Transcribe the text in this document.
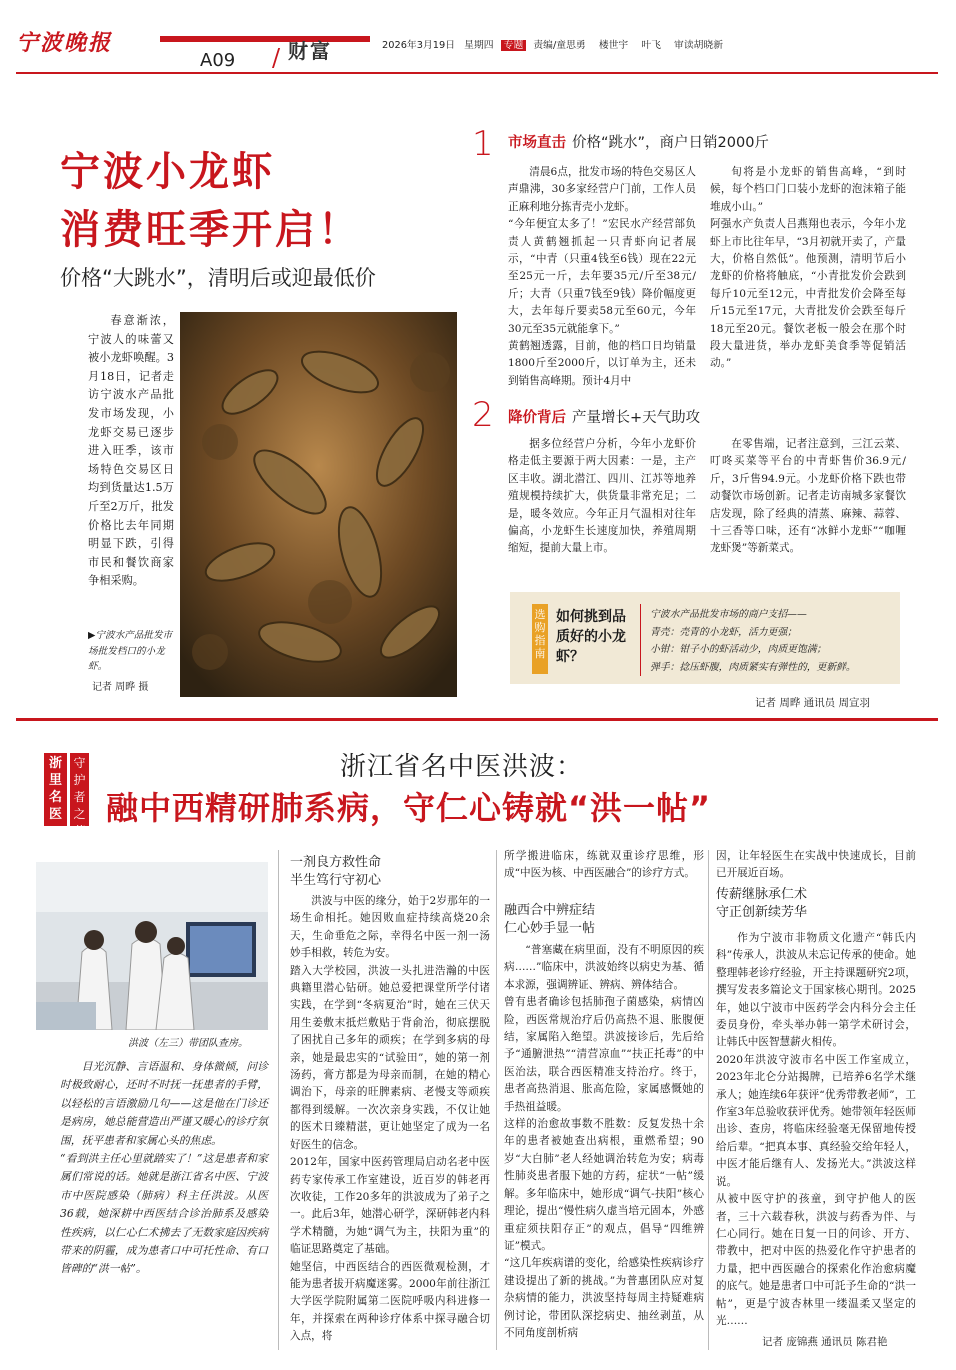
宁波晚报
A09 / 财富	2026年3月19日 星期四 专题 责编/童思勇 楼世宇 叶飞 审读胡晓新
宁波小龙虾
消费旺季开启！
价格“大跳水”，清明后或迎最低价
春意渐浓，宁波人的味蕾又被小龙虾唤醒。3月18日，记者走访宁波水产品批发市场发现，小龙虾交易已逐步进入旺季，该市场特色交易区日均到货量达1.5万斤至2万斤，批发价格比去年同期明显下跌，引得市民和餐饮商家争相采购。
▶宁波水产品批发市场批发档口的小龙虾。
记者 周晔 摄
1 市场直击 价格“跳水”，商户日销2000斤
清晨6点，批发市场的特色交易区人声鼎沸，30多家经营户门前，工作人员正麻利地分拣青壳小龙虾。
“今年便宜太多了！”宏民水产经营部负责人黄鹤翘抓起一只青虾向记者展示，“中青（只重4钱至6钱）现在22元至25元一斤，去年要35元/斤至38元/斤；大青（只重7钱至9钱）降价幅度更大，去年每斤要卖58元至60元，今年30元至35元就能拿下。”
黄鹤翘透露，目前，他的档口日均销量1800斤至2000斤，以订单为主，还未到销售高峰期。预计4月中
旬将是小龙虾的销售高峰，“到时候，每个档口门口装小龙虾的泡沫箱子能堆成小山。”
阿强水产负责人吕燕翔也表示，今年小龙虾上市比往年早，“3月初就开卖了，产量大，价格自然低”。他预测，清明节后小龙虾的价格将触底，“小青批发价会跌到每斤10元至12元，中青批发价会降至每斤15元至17元，大青批发价会跌至每斤18元至20元。餐饮老板一般会在那个时段大量进货，举办龙虾美食季等促销活动。”
2 降价背后 产量增长+天气助攻
据多位经营户分析，今年小龙虾价格走低主要源于两大因素：一是，主产区丰收。湖北潜江、四川、江苏等地养殖规模持续扩大，供货量非常充足；二是，暖冬效应。今年正月气温相对往年偏高，小龙虾生长速度加快，养殖周期缩短，提前大量上市。
在零售端，记者注意到，三江云菜、叮咚买菜等平台的中青虾售价36.9元/斤，3斤售94.9元。小龙虾价格下跌也带动餐饮市场创新。记者走访南城多家餐饮店发现，除了经典的清蒸、麻辣、蒜蓉、十三香等口味，还有“冰鲜小龙虾”“咖喱龙虾煲”等新菜式。
选购指南
如何挑到品质好的小龙虾？
宁波水产品批发市场的商户支招——
青壳：壳青的小龙虾，活力更强；
小钳：钳子小的虾活动少，肉质更饱满；
弹手：捻压虾腹，肉质紧实有弹性的，更新鲜。
记者 周晔 通讯员 周宣羽
浙里名医
守护者之薪
浙江省名中医洪波：
融中西精研肺系病，守仁心铸就“洪一帖”
洪波（左三）带团队查房。
目光沉静、言语温和、身体微倾，问诊时极致耐心，还时不时抚一抚患者的手臂，以轻松的言语激励几句——这是他在门诊还是病房，她总能营造出严谨又暖心的诊疗氛围，抚平患者和家属心头的焦虑。
“看到洪主任心里就踏实了！”这是患者和家属们常说的话。她就是浙江省名中医、宁波市中医院感染（肺病）科主任洪波。从医36载，她深耕中西医结合诊治肺系及感染性疾病，以仁心仁术拂去了无数家庭因疾病带来的阴霾，成为患者口中可托性命、有口皆碑的“洪一帖”。
一剂良方救性命
半生笃行守初心
洪波与中医的缘分，始于2岁那年的一场生命相托。她因败血症持续高烧20余天，生命垂危之际，幸得名中医一剂一汤妙手相救，转危为安。
踏入大学校园，洪波一头扎进浩瀚的中医典籍里潜心钻研。她总爱把课堂所学付诸实践，在学到“冬病夏治”时，她在三伏天用生姜敷末抵烂敷贴于背俞治，彻底摆脱了困扰自己多年的顽疾；在学到多病的母亲，她是最忠实的“试验田”，她的第一剂汤药，膏方都是为母亲而制，在她的精心调治下，母亲的旺脾素病、老慢支等顽疾都得到缓解。一次次亲身实践，不仅让她的医术日臻精湛，更让她坚定了成为一名好医生的信念。
2012年，国家中医药管理局启动名老中医药专家传承工作室建设，近百岁的韩老再次收徒，工作20多年的洪波成为了弟子之一。此后3年，她潜心研学，深研韩老内科学术精髓，为她“调气为主，扶阳为重”的临证思路奠定了基础。
她坚信，中西医结合的西医微观检测，才能为患者拔开病魔迷雾。2000年前往浙江大学医学院附属第二医院呼吸内科进修一年，并探索在两种诊疗体系中探寻融合切入点，将
所学搬进临床，练就双重诊疗思维，形成“中医为核、中西医融合”的诊疗方式。
融西合中辨症结
仁心妙手显一帖
“普塞藏在病里面，没有不明原因的疾病……”临床中，洪波始终以病史为基、循本求源，强调辨证、辨病、辨体结合。
曾有患者确诊包括肺孢子菌感染，病情凶险，西医常规治疗后仍高热不退、胀腹便结，家属陷入绝望。洪波接诊后，先后给予“通腑泄热”“清营凉血”“扶正托毒”的中医治法，联合西医精准支持治疗。终于，患者高热消退、胀高危险，家属感慨她的手热祖益暖。
这样的治愈故事数不胜数：反复发热十余年的患者被她查出病根，重燃希望；90岁“大白肺”老人经她调治转危为安；病毒性肺炎患者服下她的方药，症状“一帖”缓解。多年临床中，她形成“调气-扶阳”核心理论，提出“慢性病久虚当培元固本，外感重症须扶阳存正”的观点，倡导“四维辨证”模式。
“这几年疾病谱的变化，给感染性疾病诊疗建设提出了新的挑战。”为普惠团队应对复杂病情的能力，洪波坚持每周主持疑难病例讨论，带团队深挖病史、抽丝剥茧，从不同角度剖析病
因，让年轻医生在实战中快速成长，目前已开展近百场。
传薪继脉承仁术
守正创新续芳华
作为宁波市非物质文化遗产“韩氏内科”传承人，洪波从未忘记传承的使命。她整理韩老诊疗经验，开主持课题研究2项，撰写发表多篇论文于国家核心期刊。2025年，她以宁波市中医药学会内科分会主任委员身份，牵头举办韩一第学术研讨会，让韩氏中医智慧薪火相传。
2020年洪波守波市名中医工作室成立，2023年北仑分站揭牌，已培养6名学术继承人；她连续6年获评“优秀带教老师”，工作室3年总验收获评优秀。她带领年轻医师出诊、查房，将临床经验毫无保留地传授给后辈。“把真本事、真经验交给年轻人，中医才能后继有人、发扬光大。”洪波这样说。
从被中医守护的孩童，到守护他人的医者，三十六载春秋，洪波与药香为伴、与仁心同行。她在日复一日的问诊、开方、带教中，把对中医的热爱化作守护患者的力量，把中西医融合的探索化作治愈病魔的底气。她是患者口中可託予生命的“洪一帖”，更是宁波杏林里一缕温柔又坚定的光……
记者 庞锦燕 通讯员 陈君艳
